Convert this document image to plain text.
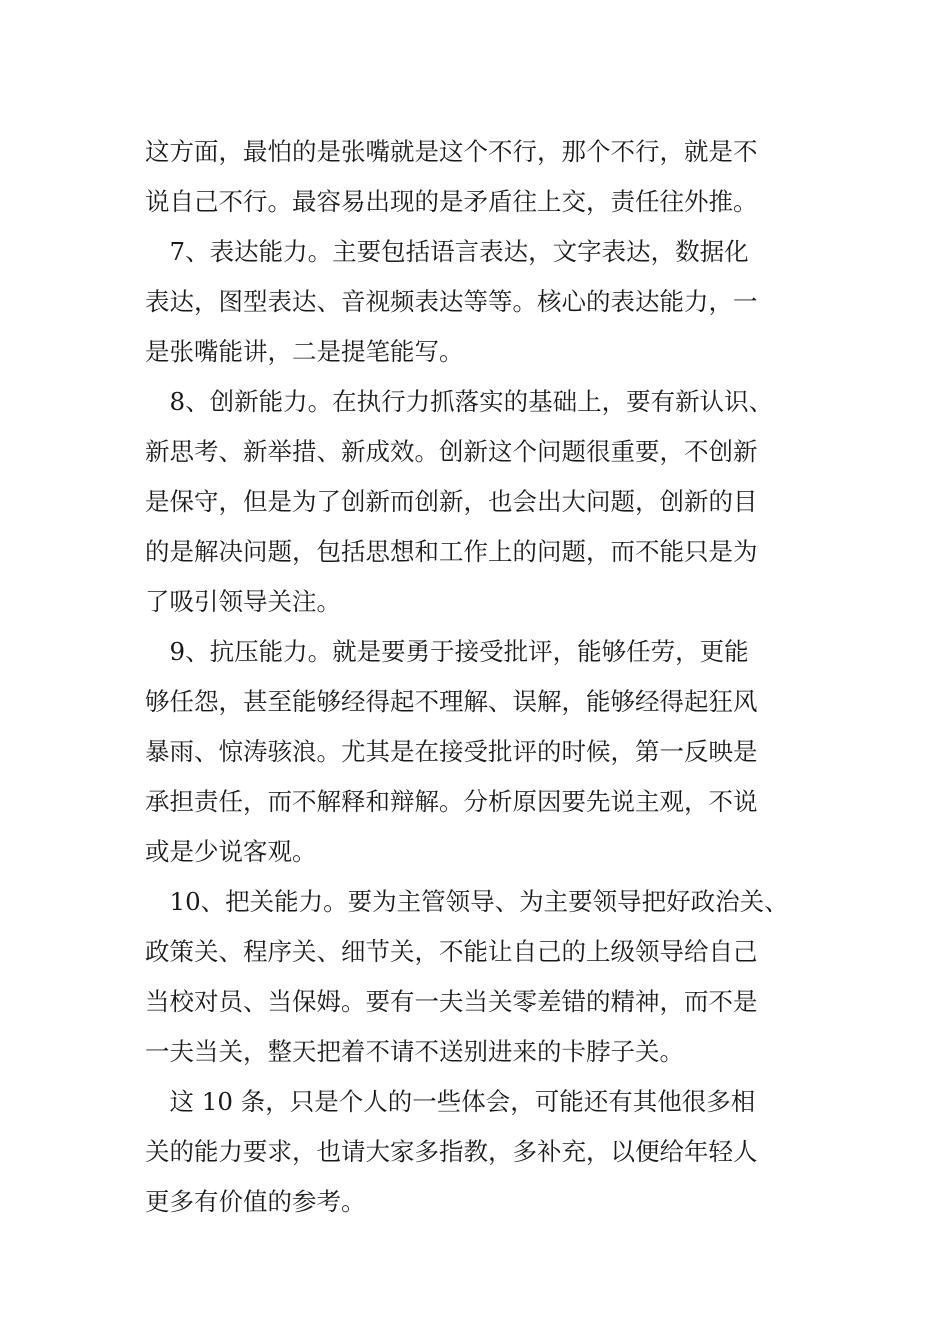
这方面，最怕的是张嘴就是这个不行，那个不行，就是不
说自己不行。最容易出现的是矛盾往上交，责任往外推。
　7、表达能力。主要包括语言表达，文字表达，数据化
表达，图型表达、音视频表达等等。核心的表达能力，一
是张嘴能讲，二是提笔能写。
　8、创新能力。在执行力抓落实的基础上，要有新认识、
新思考、新举措、新成效。创新这个问题很重要，不创新
是保守，但是为了创新而创新，也会出大问题，创新的目
的是解决问题，包括思想和工作上的问题，而不能只是为
了吸引领导关注。
　9、抗压能力。就是要勇于接受批评，能够任劳，更能
够任怨，甚至能够经得起不理解、误解，能够经得起狂风
暴雨、惊涛骇浪。尤其是在接受批评的时候，第一反映是
承担责任，而不解释和辩解。分析原因要先说主观，不说
或是少说客观。
　10、把关能力。要为主管领导、为主要领导把好政治关、
政策关、程序关、细节关，不能让自己的上级领导给自己
当校对员、当保姆。要有一夫当关零差错的精神，而不是
一夫当关，整天把着不请不送别进来的卡脖子关。
　这 10 条，只是个人的一些体会，可能还有其他很多相
关的能力要求，也请大家多指教，多补充，以便给年轻人
更多有价值的参考。
